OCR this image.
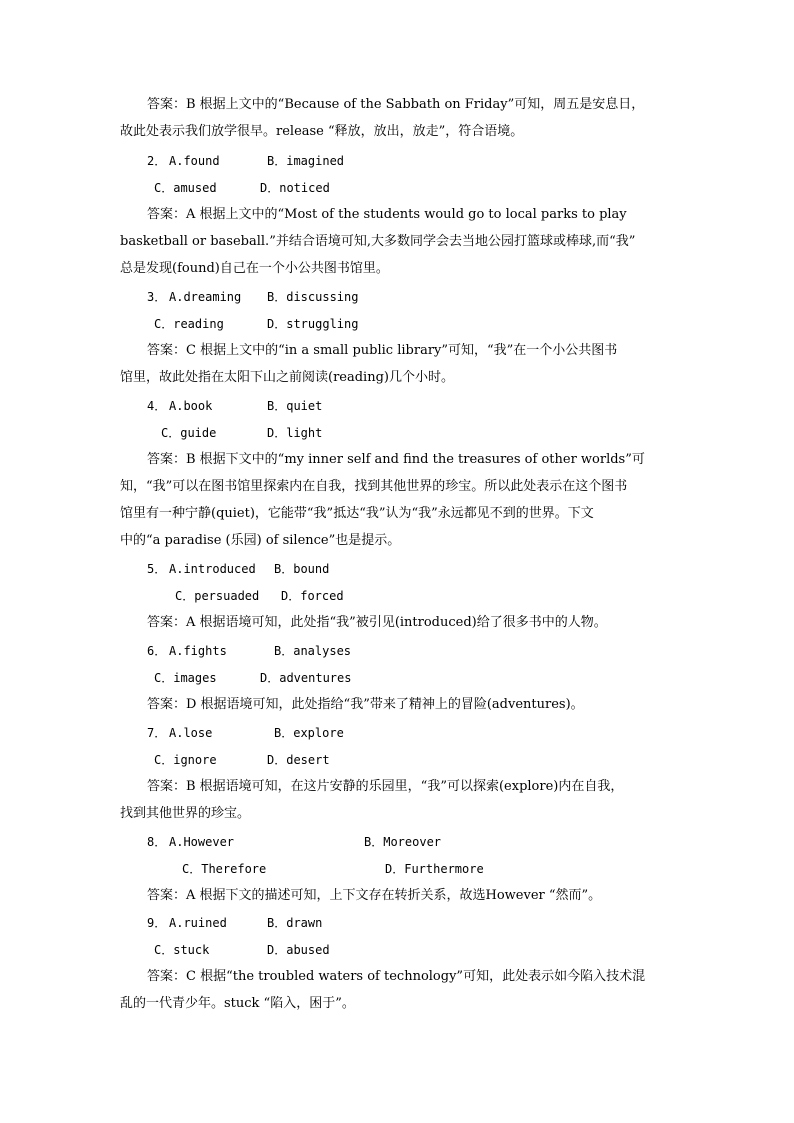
答案：B 根据上文中的“Because of the Sabbath on Friday”可知，周五是安息日，
故此处表示我们放学很早。release “释放，放出，放走”，符合语境。
2． A.found	B．imagined
C．amused	D．noticed
答案：A 根据上文中的“Most of the students would go to local parks to play
basketball or baseball.”并结合语境可知,大多数同学会去当地公园打篮球或棒球,而“我”
总是发现(found)自己在一个小公共图书馆里。
3． A.dreaming B．discussing
C．reading	D．struggling
答案：C 根据上文中的“in a small public library”可知，“我”在一个小公共图书
馆里，故此处指在太阳下山之前阅读(reading)几个小时。
4． A.book	B．quiet
C．guide	D．light
答案：B 根据下文中的“my inner self and find the treasures of other worlds”可
知，“我”可以在图书馆里探索内在自我，找到其他世界的珍宝。所以此处表示在这个图书
馆里有一种宁静(quiet)，它能带“我”抵达“我”认为“我”永远都见不到的世界。下文
中的“a paradise (乐园) of silence”也是提示。
5． A.introduced B．bound
C．persuaded D．forced
答案：A 根据语境可知，此处指“我”被引见(introduced)给了很多书中的人物。
6． A.fights	B．analyses
C．images	D．adventures
答案：D 根据语境可知，此处指给“我”带来了精神上的冒险(adventures)。
7． A.lose	B．explore
C．ignore	D．desert
答案：B 根据语境可知，在这片安静的乐园里，“我”可以探索(explore)内在自我，
找到其他世界的珍宝。
8． A.However	B．Moreover
C．Therefore	D．Furthermore
答案：A 根据下文的描述可知，上下文存在转折关系，故选However “然而”。
9． A.ruined	B．drawn
C．stuck	D．abused
答案：C 根据“the troubled waters of technology”可知，此处表示如今陷入技术混
乱的一代青少年。stuck “陷入，困于”。
